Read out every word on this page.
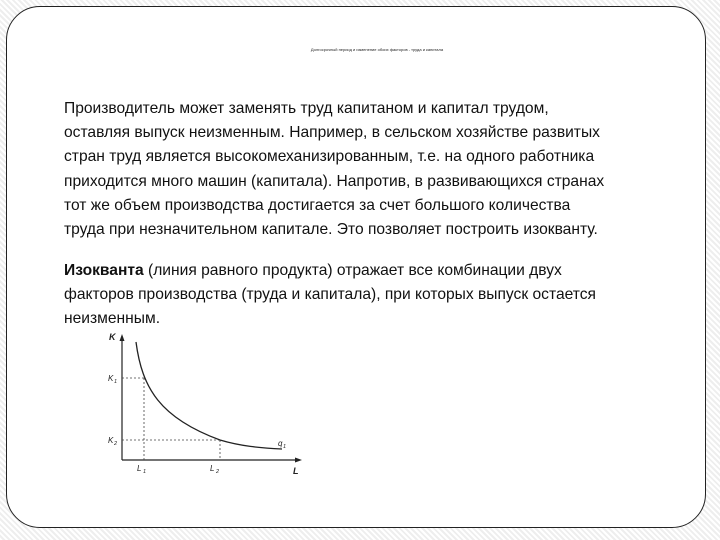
Долгосрочный период и изменение обоих факторов - труда и капитала

Производитель может заменять труд капитаном и капитал трудом,
оставляя выпуск неизменным. Например, в сельском хозяйстве развитых
стран труд является высокомеханизированным, т.е. на одного работника
приходится много машин (капитала). Напротив, в развивающихся странах
тот же объем производства достигается за счет большого количества
труда при незначительном капитале. Это позволяет построить изокванту.

Изокванта (линия равного продукта) отражает все комбинации двух
факторов производства (труда и капитала), при которых выпуск остается
неизменным.

K
L
K 1
K 2
L 1	L 2
q 1
